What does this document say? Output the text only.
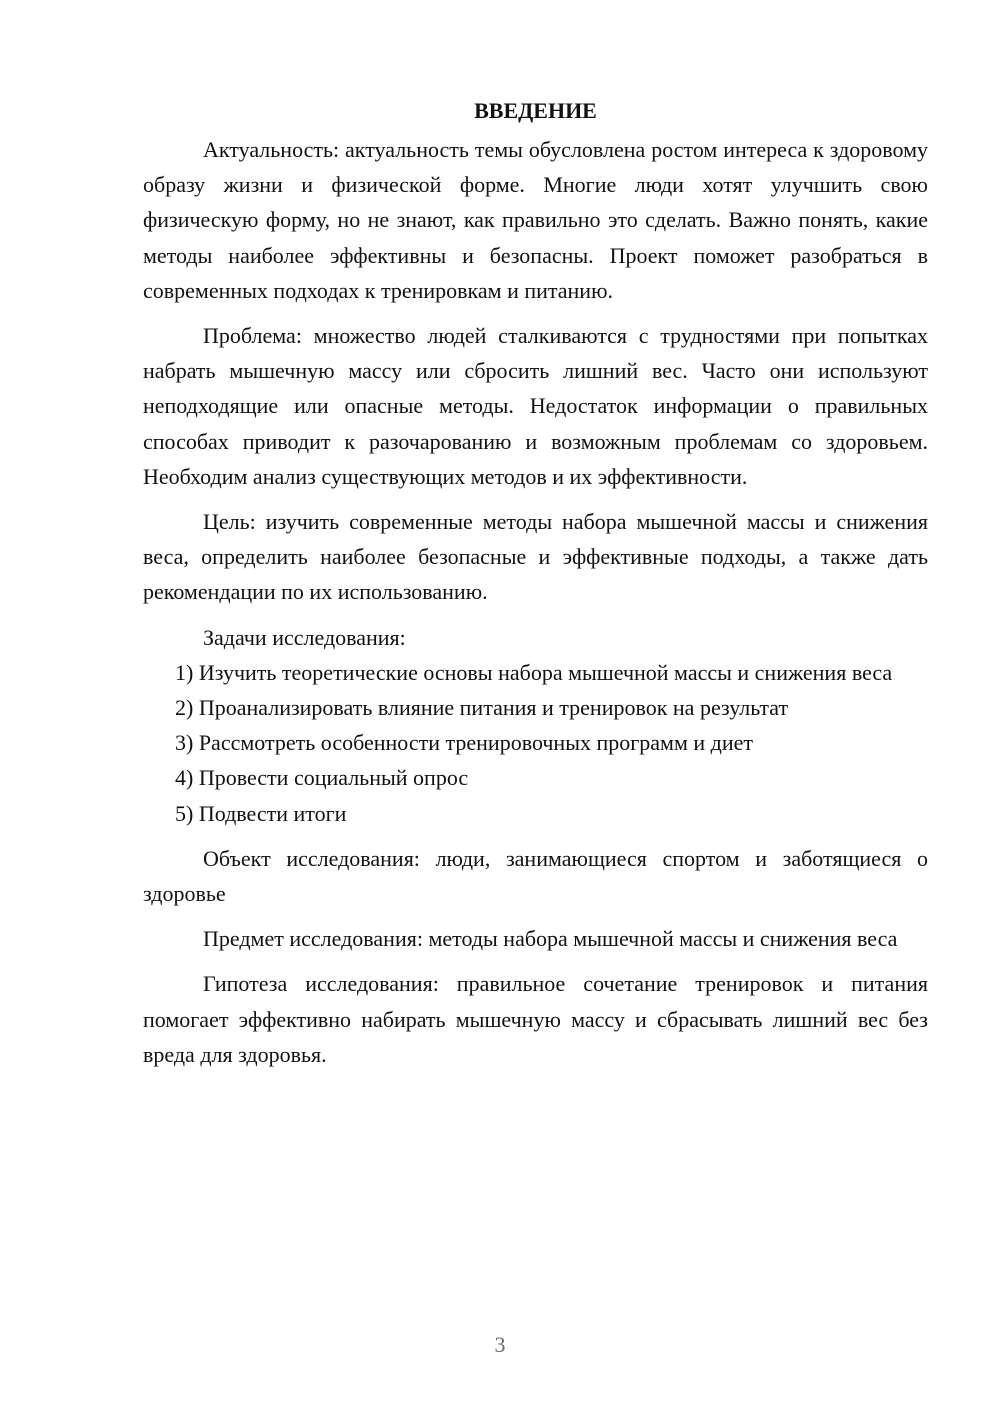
ВВЕДЕНИЕ

Актуальность: актуальность темы обусловлена ростом интереса к здоровому образу жизни и физической форме. Многие люди хотят улучшить свою физическую форму, но не знают, как правильно это сделать. Важно понять, какие методы наиболее эффективны и безопасны. Проект поможет разобраться в современных подходах к тренировкам и питанию.

Проблема: множество людей сталкиваются с трудностями при попытках набрать мышечную массу или сбросить лишний вес. Часто они используют неподходящие или опасные методы. Недостаток информации о правильных способах приводит к разочарованию и возможным проблемам со здоровьем. Необходим анализ существующих методов и их эффективности.

Цель: изучить современные методы набора мышечной массы и снижения веса, определить наиболее безопасные и эффективные подходы, а также дать рекомендации по их использованию.

Задачи исследования:

1) Изучить теоретические основы набора мышечной массы и снижения веса

2) Проанализировать влияние питания и тренировок на результат

3) Рассмотреть особенности тренировочных программ и диет

4) Провести социальный опрос

5) Подвести итоги

Объект исследования: люди, занимающиеся спортом и заботящиеся о здоровье

Предмет исследования: методы набора мышечной массы и снижения веса

Гипотеза исследования: правильное сочетание тренировок и питания помогает эффективно набирать мышечную массу и сбрасывать лишний вес без вреда для здоровья.

3
